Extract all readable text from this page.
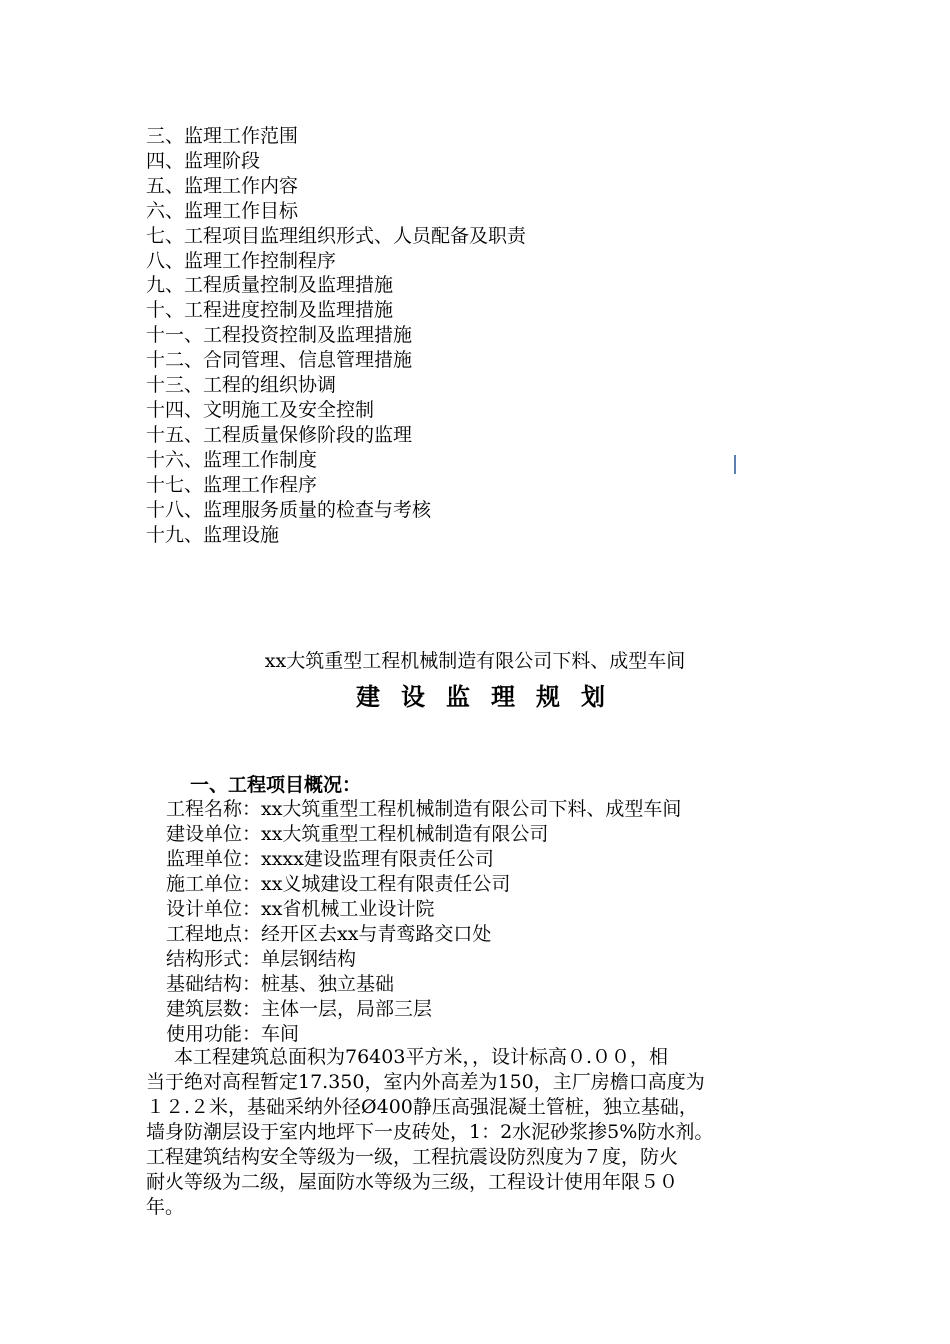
三、监理工作范围
四、监理阶段
五、监理工作内容
六、监理工作目标
七、工程项目监理组织形式、人员配备及职责
八、监理工作控制程序
九、工程质量控制及监理措施
十、工程进度控制及监理措施
十一、工程投资控制及监理措施
十二、合同管理、信息管理措施
十三、工程的组织协调
十四、文明施工及安全控制
十五、工程质量保修阶段的监理
十六、监理工作制度
十七、监理工作程序
十八、监理服务质量的检查与考核
十九、监理设施
xx大筑重型工程机械制造有限公司下料、成型车间
建设监理规划
一、工程项目概况：
工程名称：xx大筑重型工程机械制造有限公司下料、成型车间
建设单位：xx大筑重型工程机械制造有限公司
监理单位：xxxx建设监理有限责任公司
施工单位：xx义城建设工程有限责任公司
设计单位：xx省机械工业设计院
工程地点：经开区去xx与青鸾路交口处
结构形式：单层钢结构
基础结构：桩基、独立基础
建筑层数：主体一层，局部三层
使用功能：车间

本工程建筑总面积为76403平方米，，设计标高０.００，相
当于绝对高程暂定17.350，室内外高差为150，主厂房檐口高度为
１２.２米，基础采纳外径Ø400静压高强混凝土管桩，独立基础，
墙身防潮层设于室内地坪下一皮砖处，1：2水泥砂浆掺5%防水剂。
工程建筑结构安全等级为一级，工程抗震设防烈度为７度，防火
耐火等级为二级，屋面防水等级为三级，工程设计使用年限５０
年。
